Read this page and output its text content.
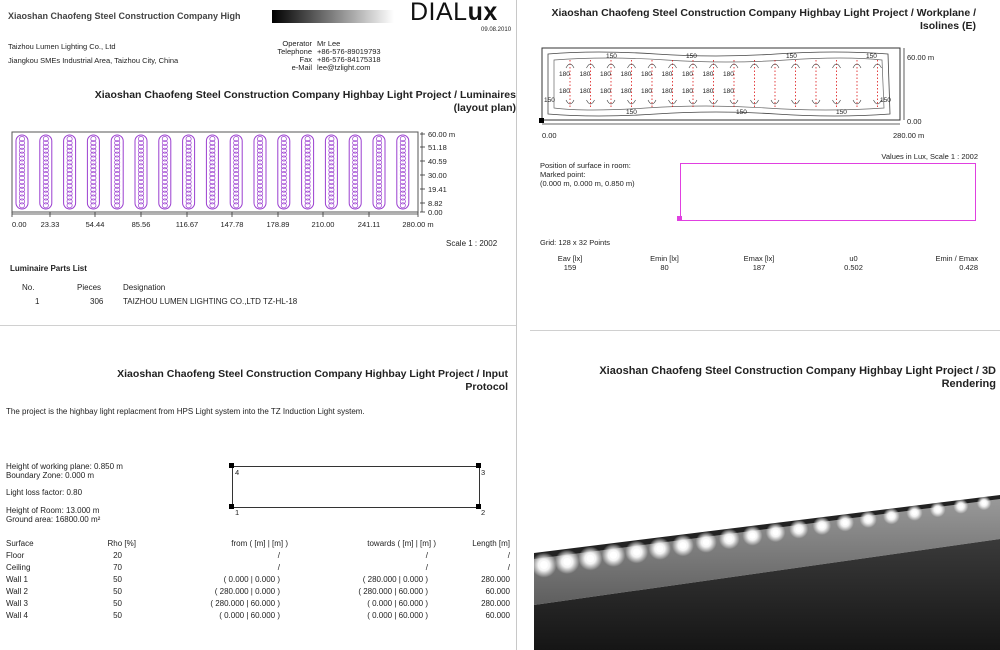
Xiaoshan Chaofeng Steel Construction Company High	DIALux
09.08.2010
Taizhou Lumen Lighting Co., Ltd
Jiangkou SMEs Industrial Area, Taizhou City, China
Operator Mr Lee
Telephone +86-576-89019793
Fax +86-576-84175318
e-Mail lee@tzlight.com
Xiaoshan Chaofeng Steel Construction Company Highbay Light Project / Luminaires
(layout plan)
0.00 23.33	54.44	85.56	116.67	147.78	178.89	210.00	241.11	280.00 m
60.00 m
51.18
40.59
30.00
19.41
8.82
0.00
Scale 1 : 2002
Luminaire Parts List
No.	Pieces	Designation
1	306 TAIZHOU LUMEN LIGHTING CO.,LTD TZ-HL-18
Xiaoshan Chaofeng Steel Construction Company Highbay Light Project / Workplane /
Isolines (E)
180
180
180
180
180
180
180
180
180
180
180
180
180
180
180
180
180
180
150	150	150	150
150	150	150
150	150
60.00 m
0.00
0.00	280.00 m
Values in Lux, Scale 1 : 2002
Position of surface in room:
Marked point:
(0.000 m, 0.000 m, 0.850 m)
Grid: 128 x 32 Points
Eav [lx]	Emin [lx]	Emax [lx]	u0	Emin / Emax
159	80	187	0.502	0.428
Xiaoshan Chaofeng Steel Construction Company Highbay Light Project / Input
Protocol
The project is the highbay light replacment from HPS Light system into the TZ Induction Light system.
Height of working plane: 0.850 m
Boundary Zone: 0.000 m
Light loss factor: 0.80
Height of Room: 13.000 m
Ground area: 16800.00 m²
4	3
1	2
Surface	Rho [%]	from ( [m] | [m] )	towards ( [m] | [m] )	Length [m]
Floor	20	/	/	/
Ceiling	70	/	/	/
Wall 1	50	( 0.000 | 0.000 )	( 280.000 | 0.000 )	280.000
Wall 2	50	( 280.000 | 0.000 )	( 280.000 | 60.000 )	60.000
Wall 3	50	( 280.000 | 60.000 )	( 0.000 | 60.000 )	280.000
Wall 4	50	( 0.000 | 60.000 )	( 0.000 | 60.000 )	60.000
Xiaoshan Chaofeng Steel Construction Company Highbay Light Project / 3D
Rendering
